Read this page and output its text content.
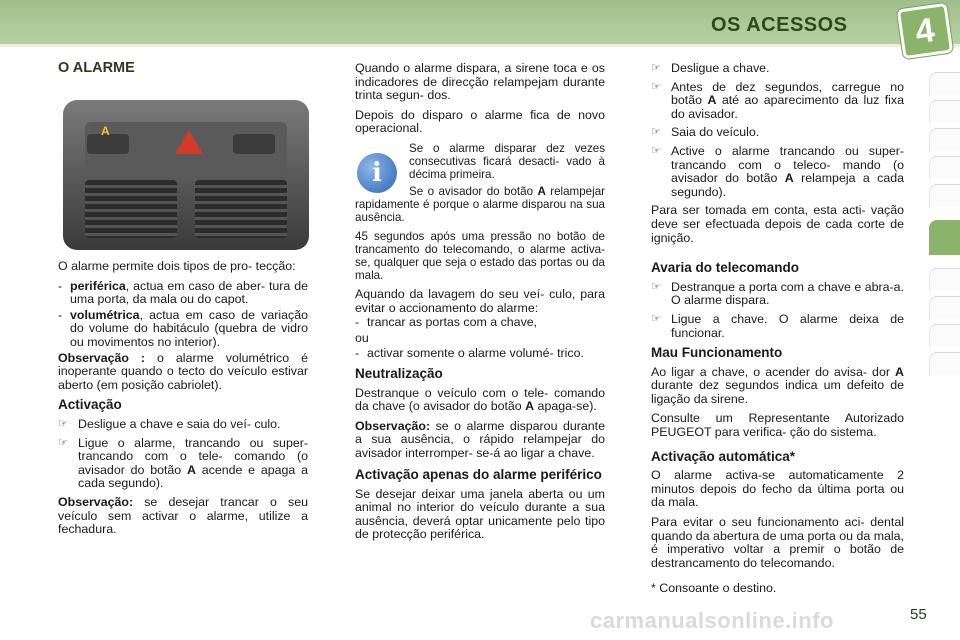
OS ACESSOS	4
O ALARME
A

O alarme permite dois tipos de pro- tecção:

- periférica, actua em caso de aber- tura de uma porta, da mala ou do capot.
- volumétrica, actua em caso de variação do volume do habitáculo (quebra de vidro ou movimentos no interior).

Observação : o alarme volumétrico é inoperante quando o tecto do veículo estivar aberto (em posição cabriolet).

Activação
☞ Desligue a chave e saia do veí- culo.
☞ Ligue o alarme, trancando ou super-trancando com o tele- comando (o avisador do botão A acende e apaga a cada segundo).

Observação: se desejar trancar o seu veículo sem activar o alarme, utilize a fechadura.

Quando o alarme dispara, a sirene toca e os indicadores de direcção relampejam durante trinta segun- dos.

Depois do disparo o alarme fica de novo operacional.

Se o alarme disparar dez vezes consecutivas ficará desacti- vado à décima primeira.

Se o avisador do botão A relampejar rapidamente é porque o alarme disparou na sua ausência.

45 segundos após uma pressão no botão de trancamento do telecomando, o alarme activa-se, qualquer que seja o estado das portas ou da mala.

Aquando da lavagem do seu veí- culo, para evitar o accionamento do alarme:

- trancar as portas com a chave,
ou
- activar somente o alarme volumé- trico.
Neutralização

Destranque o veículo com o tele- comando da chave (o avisador do botão A apaga-se).

Observação: se o alarme disparou durante a sua ausência, o rápido relampejar do avisador interromper- se-á ao ligar a chave.

Activação apenas do alarme periférico

Se desejar deixar uma janela aberta ou um animal no interior do veículo durante a sua ausência, deverá optar unicamente pelo tipo de protecção periférica.

i
☞ Desligue a chave.
☞ Antes de dez segundos, carregue no botão A até ao aparecimento da luz fixa do avisador.
☞ Saia do veículo.
☞ Active o alarme trancando ou super-trancando com o teleco- mando (o avisador do botão A relampeja a cada segundo).

Para ser tomada em conta, esta acti- vação deve ser efectuada depois de cada corte de ignição.

Avaria do telecomando
☞ Destranque a porta com a chave e abra-a. O alarme dispara.
☞ Ligue a chave. O alarme deixa de funcionar.
Mau Funcionamento

Ao ligar a chave, o acender do avisa- dor A durante dez segundos indica um defeito de ligação da sirene.

Consulte um Representante Autorizado PEUGEOT para verifica- ção do sistema.

Activação automática*

O alarme activa-se automaticamente 2 minutos depois do fecho da última porta ou da mala.

Para evitar o seu funcionamento aci- dental quando da abertura de uma porta ou da mala, é imperativo voltar a premir o botão de destrancamento do telecomando.

* Consoante o destino.

carmanualsonline.info	55
